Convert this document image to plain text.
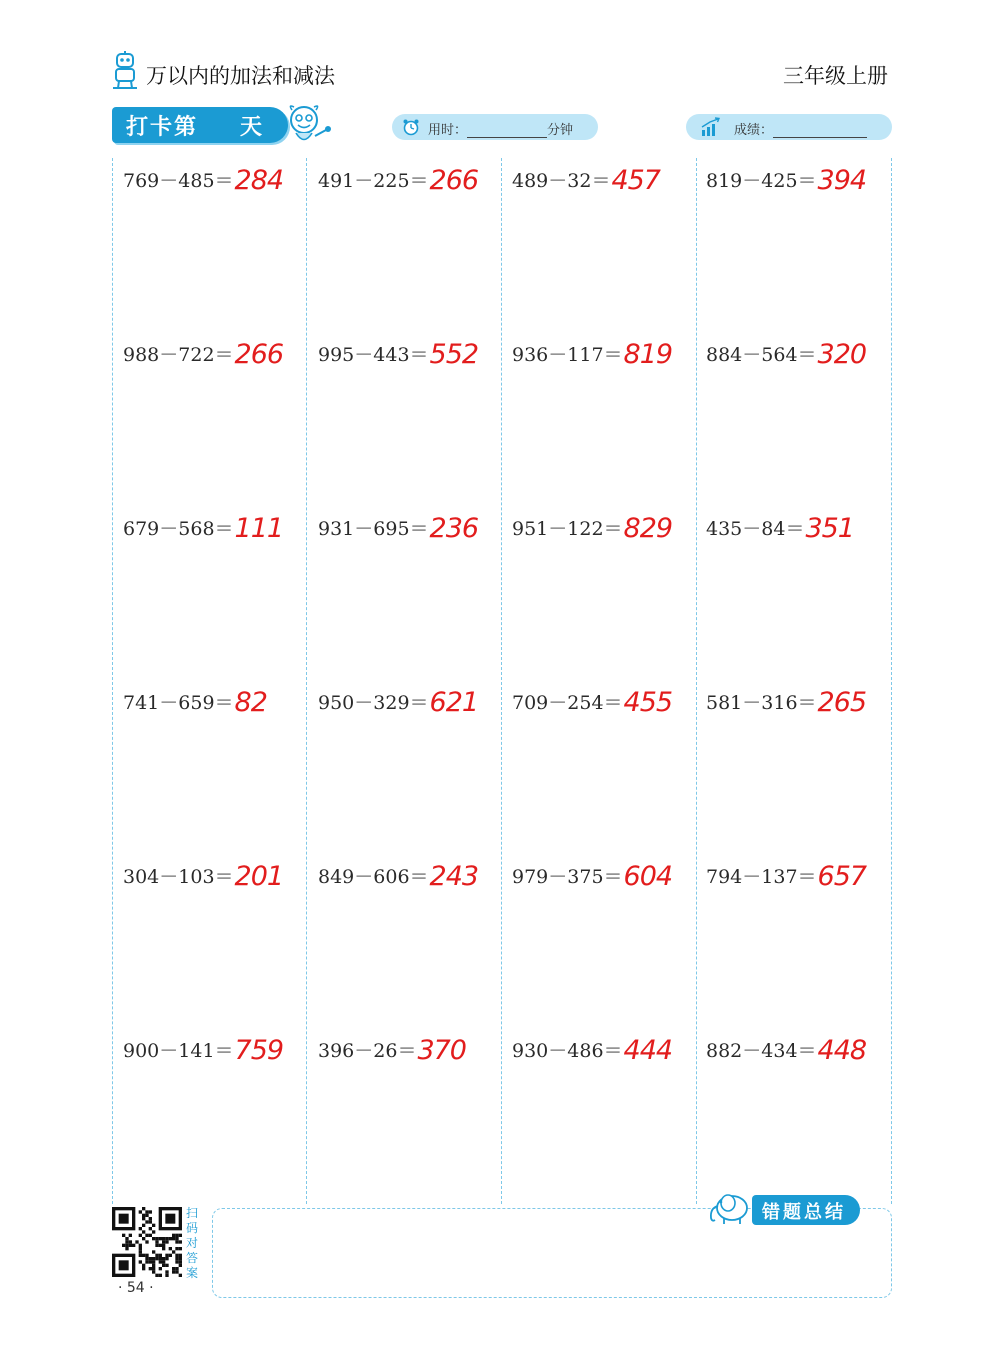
万以内的加法和减法	三年级上册
打卡第 天	用时：	分钟	成绩：
769－485＝284
988－722＝266
679－568＝111
741－659＝82
304－103＝201
900－141＝759
491－225＝266
995－443＝552
931－695＝236
950－329＝621
849－606＝243
396－26＝370
489－32＝457
936－117＝819
951－122＝829
709－254＝455
979－375＝604
930－486＝444
819－425＝394
884－564＝320
435－84＝351
581－316＝265
794－137＝657
882－434＝448
扫码对答案
· 54 ·
错题总结
